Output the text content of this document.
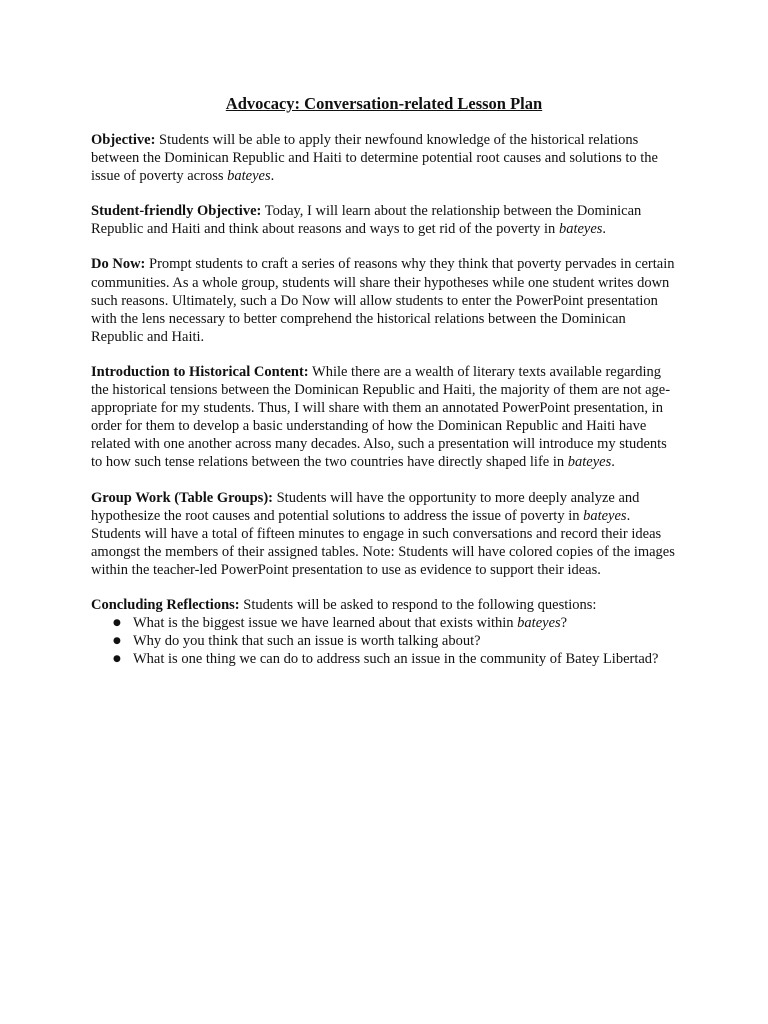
Advocacy: Conversation-related Lesson Plan

Objective: Students will be able to apply their newfound knowledge of the historical relations between the Dominican Republic and Haiti to determine potential root causes and solutions to the issue of poverty across bateyes.

Student-friendly Objective: Today, I will learn about the relationship between the Dominican Republic and Haiti and think about reasons and ways to get rid of the poverty in bateyes.

Do Now: Prompt students to craft a series of reasons why they think that poverty pervades in certain communities. As a whole group, students will share their hypotheses while one student writes down such reasons. Ultimately, such a Do Now will allow students to enter the PowerPoint presentation with the lens necessary to better comprehend the historical relations between the Dominican Republic and Haiti.

Introduction to Historical Content: While there are a wealth of literary texts available regarding the historical tensions between the Dominican Republic and Haiti, the majority of them are not age-appropriate for my students. Thus, I will share with them an annotated PowerPoint presentation, in order for them to develop a basic understanding of how the Dominican Republic and Haiti have related with one another across many decades. Also, such a presentation will introduce my students to how such tense relations between the two countries have directly shaped life in bateyes.

Group Work (Table Groups): Students will have the opportunity to more deeply analyze and hypothesize the root causes and potential solutions to address the issue of poverty in bateyes. Students will have a total of fifteen minutes to engage in such conversations and record their ideas amongst the members of their assigned tables. Note: Students will have colored copies of the images within the teacher-led PowerPoint presentation to use as evidence to support their ideas.

Concluding Reflections: Students will be asked to respond to the following questions:
● What is the biggest issue we have learned about that exists within bateyes?
● Why do you think that such an issue is worth talking about?
● What is one thing we can do to address such an issue in the community of Batey Libertad?
